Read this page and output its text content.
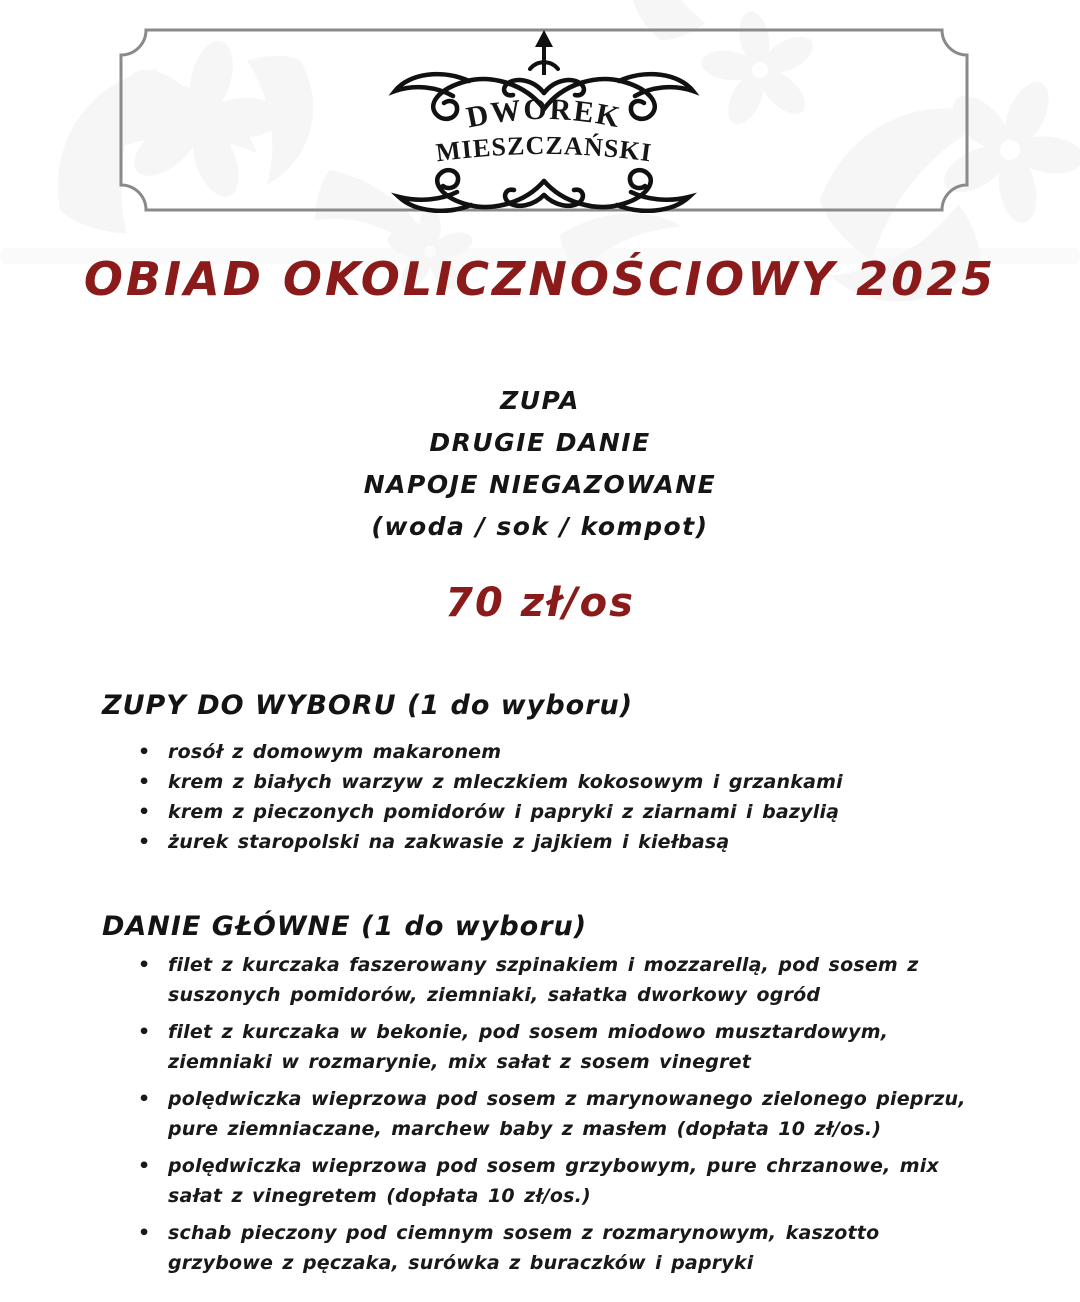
DWOREK
MIESZCZAŃSKI
OBIAD OKOLICZNOŚCIOWY 2025
ZUPA
DRUGIE DANIE
NAPOJE NIEGAZOWANE
(woda / sok / kompot)
70 zł/os
ZUPY DO WYBORU (1 do wyboru)
• rosół z domowym makaronem
• krem z białych warzyw z mleczkiem kokosowym i grzankami
• krem z pieczonych pomidorów i papryki z ziarnami i bazylią
• żurek staropolski na zakwasie z jajkiem i kiełbasą
DANIE GŁÓWNE (1 do wyboru)
• filet z kurczaka faszerowany szpinakiem i mozzarellą, pod sosem z suszonych pomidorów, ziemniaki, sałatka dworkowy ogród
• filet z kurczaka w bekonie, pod sosem miodowo musztardowym, ziemniaki w rozmarynie, mix sałat z sosem vinegret
• polędwiczka wieprzowa pod sosem z marynowanego zielonego pieprzu, pure ziemniaczane, marchew baby z masłem (dopłata 10 zł/os.)
• polędwiczka wieprzowa pod sosem grzybowym, pure chrzanowe, mix sałat z vinegretem (dopłata 10 zł/os.)
• schab pieczony pod ciemnym sosem z rozmarynowym, kaszotto grzybowe z pęczaka, surówka z buraczków i papryki
